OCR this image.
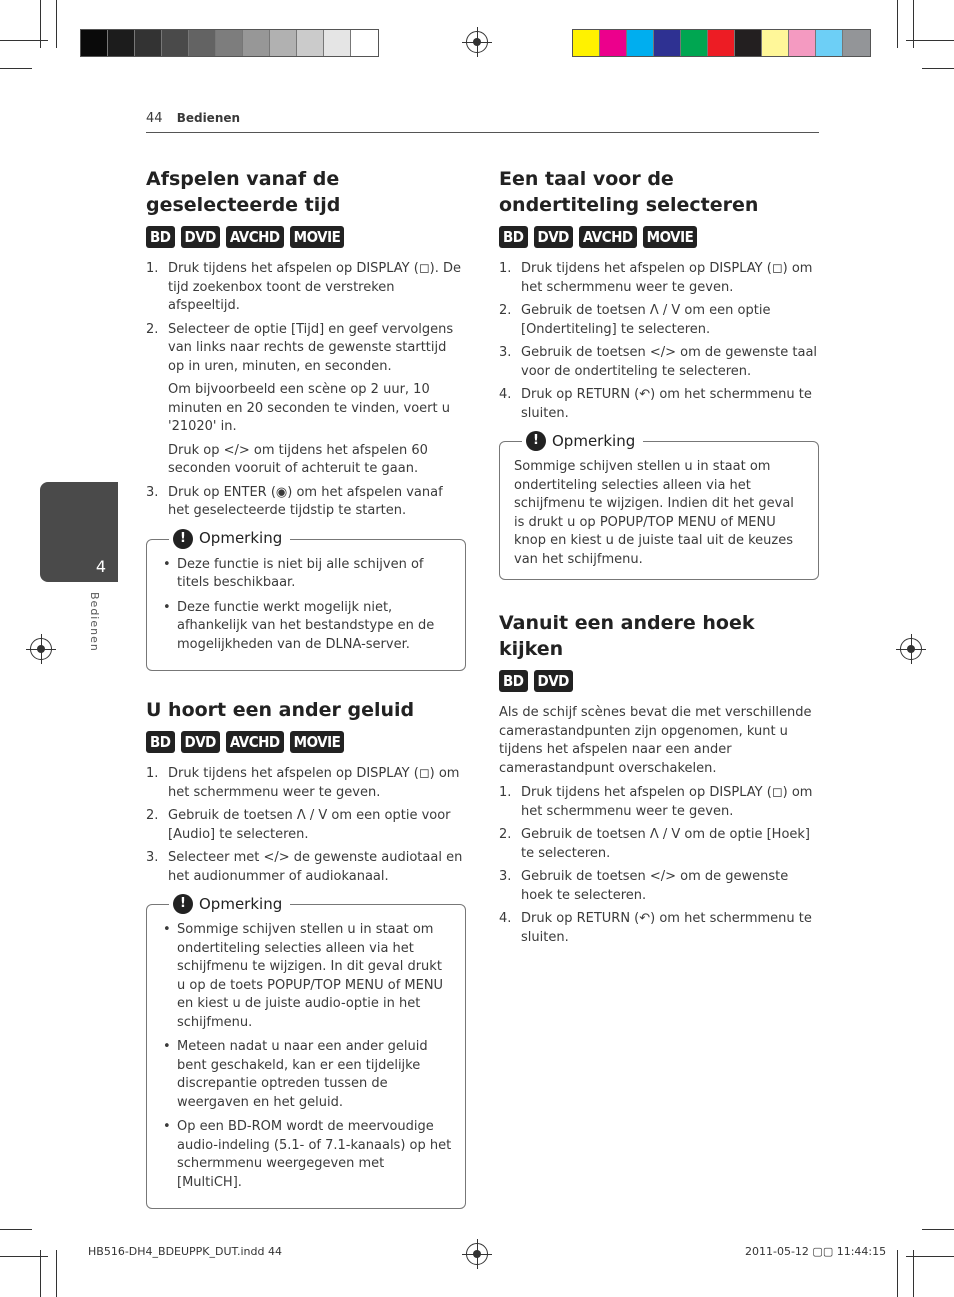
44 Bedienen
4
Bedienen
Afspelen vanaf de geselecteerde tijd
BD DVD AVCHD MOVIE
1. Druk tijdens het afspelen op DISPLAY (◻). De tijd zoekenbox toont de verstreken afspeeltijd.
2. Selecteer de optie [Tijd] en geef vervolgens van links naar rechts de gewenste starttijd op in uren, minuten, en seconden.

Om bijvoorbeeld een scène op 2 uur, 10 minuten en 20 seconden te vinden, voert u '21020' in.

Druk op </> om tijdens het afspelen 60 seconden vooruit of achteruit te gaan.

3. Druk op ENTER (◉) om het afspelen vanaf het geselecteerde tijdstip te starten.
! Opmerking
• Deze functie is niet bij alle schijven of titels beschikbaar.
• Deze functie werkt mogelijk niet, afhankelijk van het bestandstype en de mogelijkheden van de DLNA-server.
U hoort een ander geluid
BD DVD AVCHD MOVIE
1. Druk tijdens het afspelen op DISPLAY (◻) om het schermmenu weer te geven.
2. Gebruik de toetsen Λ / V om een optie voor [Audio] te selecteren.
3. Selecteer met </> de gewenste audiotaal en het audionummer of audiokanaal.
! Opmerking
• Sommige schijven stellen u in staat om ondertiteling selecties alleen via het schijfmenu te wijzigen. In dit geval drukt u op de toets POPUP/TOP MENU of MENU en kiest u de juiste audio-optie in het schijfmenu.
• Meteen nadat u naar een ander geluid bent geschakeld, kan er een tijdelijke discrepantie optreden tussen de weergaven en het geluid.
• Op een BD-ROM wordt de meervoudige audio-indeling (5.1- of 7.1-kanaals) op het schermmenu weergegeven met [MultiCH].
Een taal voor de ondertiteling selecteren
BD DVD AVCHD MOVIE
1. Druk tijdens het afspelen op DISPLAY (◻) om het schermmenu weer te geven.
2. Gebruik de toetsen Λ / V om een optie [Ondertiteling] te selecteren.
3. Gebruik de toetsen </> om de gewenste taal voor de ondertiteling te selecteren.
4. Druk op RETURN (↶) om het schermmenu te sluiten.
! Opmerking

Sommige schijven stellen u in staat om ondertiteling selecties alleen via het schijfmenu te wijzigen. Indien dit het geval is drukt u op POPUP/TOP MENU of MENU knop en kiest u de juiste taal uit de keuzes van het schijfmenu.

Vanuit een andere hoek kijken
BD DVD

Als de schijf scènes bevat die met verschillende camerastandpunten zijn opgenomen, kunt u tijdens het afspelen naar een ander camerastandpunt overschakelen.

1. Druk tijdens het afspelen op DISPLAY (◻) om het schermmenu weer te geven.
2. Gebruik de toetsen Λ / V om de optie [Hoek] te selecteren.
3. Gebruik de toetsen </> om de gewenste hoek te selecteren.
4. Druk op RETURN (↶) om het schermmenu te sluiten.
HB516-DH4_BDEUPPK_DUT.indd 44	2011-05-12 ▢▢ 11:44:15
